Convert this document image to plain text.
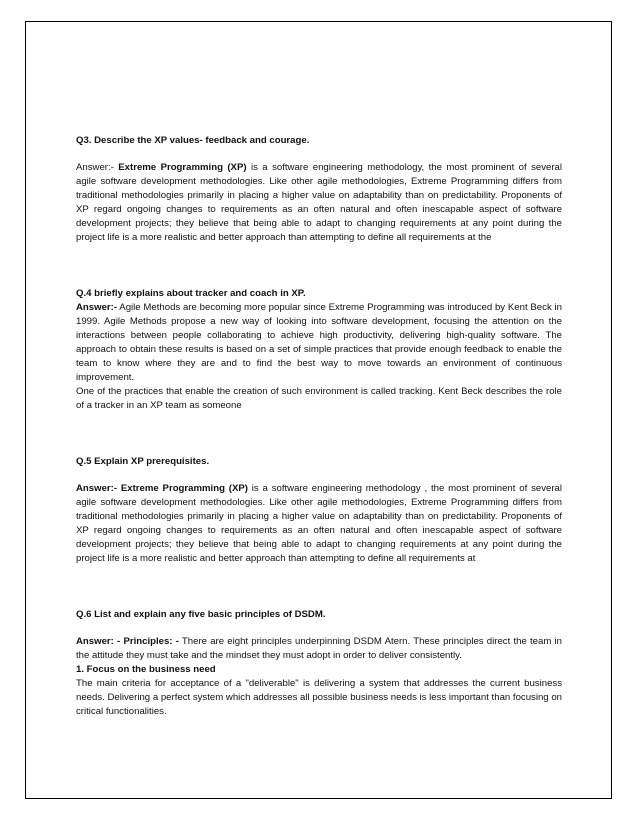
Q3. Describe the XP values- feedback and courage.

Answer:- Extreme Programming (XP) is a software engineering methodology, the most prominent of several agile software development methodologies. Like other agile methodologies, Extreme Programming differs from traditional methodologies primarily in placing a higher value on adaptability than on predictability. Proponents of XP regard ongoing changes to requirements as an often natural and often inescapable aspect of software development projects; they believe that being able to adapt to changing requirements at any point during the project life is a more realistic and better approach than attempting to define all requirements at the

Q.4 briefly explains about tracker and coach in XP.

Answer:- Agile Methods are becoming more popular since Extreme Programming was introduced by Kent Beck in 1999. Agile Methods propose a new way of looking into software development, focusing the attention on the interactions between people collaborating to achieve high productivity, delivering high-quality software. The approach to obtain these results is based on a set of simple practices that provide enough feedback to enable the team to know where they are and to find the best way to move towards an environment of continuous improvement.

One of the practices that enable the creation of such environment is called tracking. Kent Beck describes the role of a tracker in an XP team as someone

Q.5 Explain XP prerequisites.

Answer:- Extreme Programming (XP) is a software engineering methodology , the most prominent of several agile software development methodologies. Like other agile methodologies, Extreme Programming differs from traditional methodologies primarily in placing a higher value on adaptability than on predictability. Proponents of XP regard ongoing changes to requirements as an often natural and often inescapable aspect of software development projects; they believe that being able to adapt to changing requirements at any point during the project life is a more realistic and better approach than attempting to define all requirements at

Q.6 List and explain any five basic principles of DSDM.

Answer: - Principles: - There are eight principles underpinning DSDM Atern. These principles direct the team in the attitude they must take and the mindset they must adopt in order to deliver consistently.

1. Focus on the business need

The main criteria for acceptance of a "deliverable" is delivering a system that addresses the current business needs. Delivering a perfect system which addresses all possible business needs is less important than focusing on critical functionalities.
